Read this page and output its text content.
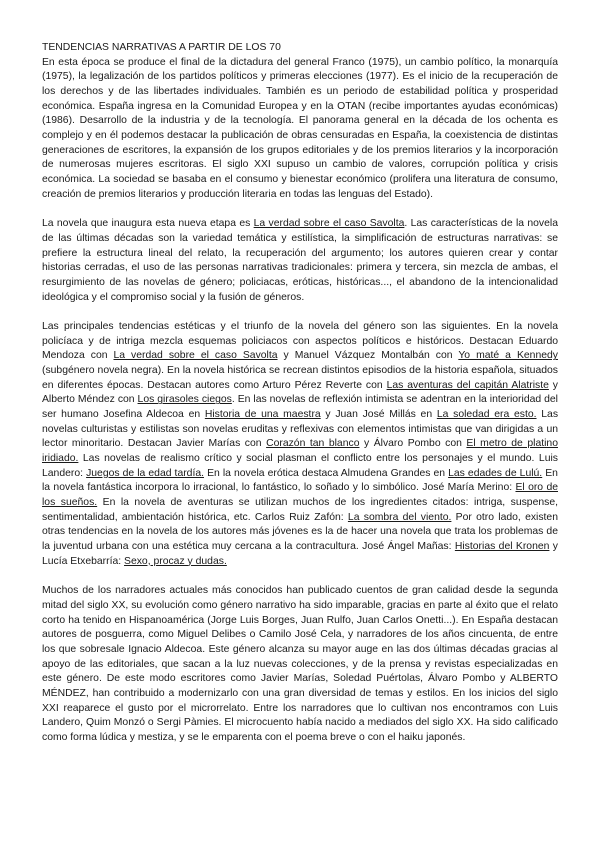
TENDENCIAS NARRATIVAS A PARTIR DE LOS 70

En esta época se produce el final de la dictadura del general Franco (1975), un cambio político, la monarquía (1975), la legalización de los partidos políticos y primeras elecciones (1977). Es el inicio de la recuperación de los derechos y de las libertades individuales. También es un periodo de estabilidad política y prosperidad económica. España ingresa en la Comunidad Europea y en la OTAN (recibe importantes ayudas económicas) (1986). Desarrollo de la industria y de la tecnología. El panorama general en la década de los ochenta es complejo y en él podemos destacar la publicación de obras censuradas en España, la coexistencia de distintas generaciones de escritores, la expansión de los grupos editoriales y de los premios literarios y la incorporación de numerosas mujeres escritoras. El siglo XXI supuso un cambio de valores, corrupción política y crisis económica. La sociedad se basaba en el consumo y bienestar económico (prolifera una literatura de consumo, creación de premios literarios y producción literaria en todas las lenguas del Estado).

La novela que inaugura esta nueva etapa es La verdad sobre el caso Savolta. Las características de la novela de las últimas décadas son la variedad temática y estilística, la simplificación de estructuras narrativas: se prefiere la estructura lineal del relato, la recuperación del argumento; los autores quieren crear y contar historias cerradas, el uso de las personas narrativas tradicionales: primera y tercera, sin mezcla de ambas, el resurgimiento de las novelas de género; policiacas, eróticas, históricas..., el abandono de la intencionalidad ideológica y el compromiso social y la fusión de géneros.

Las principales tendencias estéticas y el triunfo de la novela del género son las siguientes. En la novela policíaca y de intriga mezcla esquemas policiacos con aspectos políticos e históricos. Destacan Eduardo Mendoza con La verdad sobre el caso Savolta y Manuel Vázquez Montalbán con Yo maté a Kennedy (subgénero novela negra). En la novela histórica se recrean distintos episodios de la historia española, situados en diferentes épocas. Destacan autores como Arturo Pérez Reverte con Las aventuras del capitán Alatriste y Alberto Méndez con Los girasoles ciegos. En las novelas de reflexión intimista se adentran en la interioridad del ser humano Josefina Aldecoa en Historia de una maestra y Juan José Millás en La soledad era esto. Las novelas culturistas y estilistas son novelas eruditas y reflexivas con elementos intimistas que van dirigidas a un lector minoritario. Destacan Javier Marías con Corazón tan blanco y Álvaro Pombo con El metro de platino iridiado. Las novelas de realismo crítico y social plasman el conflicto entre los personajes y el mundo. Luis Landero: Juegos de la edad tardía. En la novela erótica destaca Almudena Grandes en Las edades de Lulú. En la novela fantástica incorpora lo irracional, lo fantástico, lo soñado y lo simbólico. José María Merino: El oro de los sueños. En la novela de aventuras se utilizan muchos de los ingredientes citados: intriga, suspense, sentimentalidad, ambientación histórica, etc. Carlos Ruiz Zafón: La sombra del viento. Por otro lado, existen otras tendencias en la novela de los autores más jóvenes es la de hacer una novela que trata los problemas de la juventud urbana con una estética muy cercana a la contracultura. José Ángel Mañas: Historias del Kronen y Lucía Etxebarría: Sexo, procaz y dudas.

Muchos de los narradores actuales más conocidos han publicado cuentos de gran calidad desde la segunda mitad del siglo XX, su evolución como género narrativo ha sido imparable, gracias en parte al éxito que el relato corto ha tenido en Hispanoamérica (Jorge Luis Borges, Juan Rulfo, Juan Carlos Onetti...). En España destacan autores de posguerra, como Miguel Delibes o Camilo José Cela, y narradores de los años cincuenta, de entre los que sobresale Ignacio Aldecoa. Este género alcanza su mayor auge en las dos últimas décadas gracias al apoyo de las editoriales, que sacan a la luz nuevas colecciones, y de la prensa y revistas especializadas en este género. De este modo escritores como Javier Marías, Soledad Puértolas, Álvaro Pombo y ALBERTO MÉNDEZ, han contribuido a modernizarlo con una gran diversidad de temas y estilos. En los inicios del siglo XXI reaparece el gusto por el microrrelato. Entre los narradores que lo cultivan nos encontramos con Luis Landero, Quim Monzó o Sergi Pàmies. El microcuento había nacido a mediados del siglo XX. Ha sido calificado como forma lúdica y mestiza, y se le emparenta con el poema breve o con el haiku japonés.
